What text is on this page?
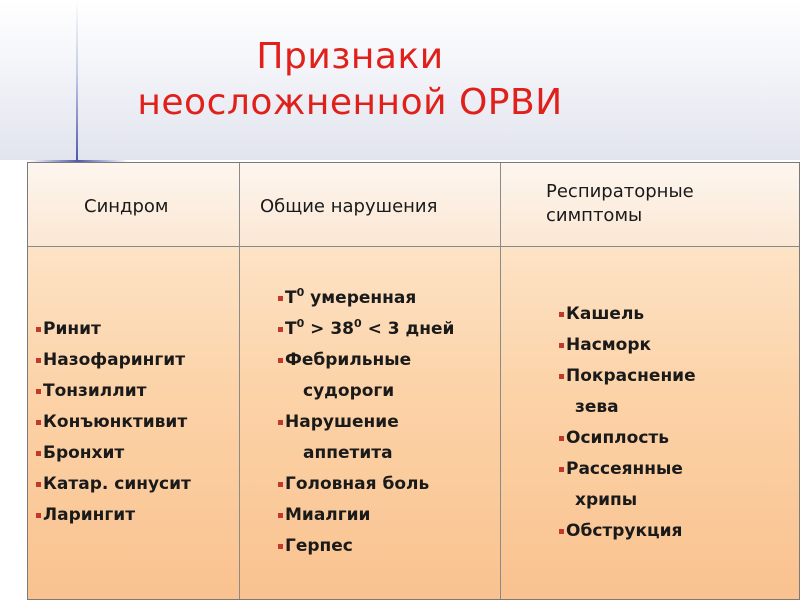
Признаки
неосложненной ОРВИ
Синдром	Общие нарушения
Респираторные
симптомы
Ринит
Назофарингит
Тонзиллит
Конъюнктивит
Бронхит
Катар. синусит
Ларингит
$Т^0$ умеренная
$Т^0 > 38^0 < 3$ дней
Фебрильные
судороги
Нарушение
аппетита
Головная боль
Миалгии
Герпес
Кашель
Насморк
Покраснение
зева
Осиплость
Рассеянные
хрипы
Обструкция
